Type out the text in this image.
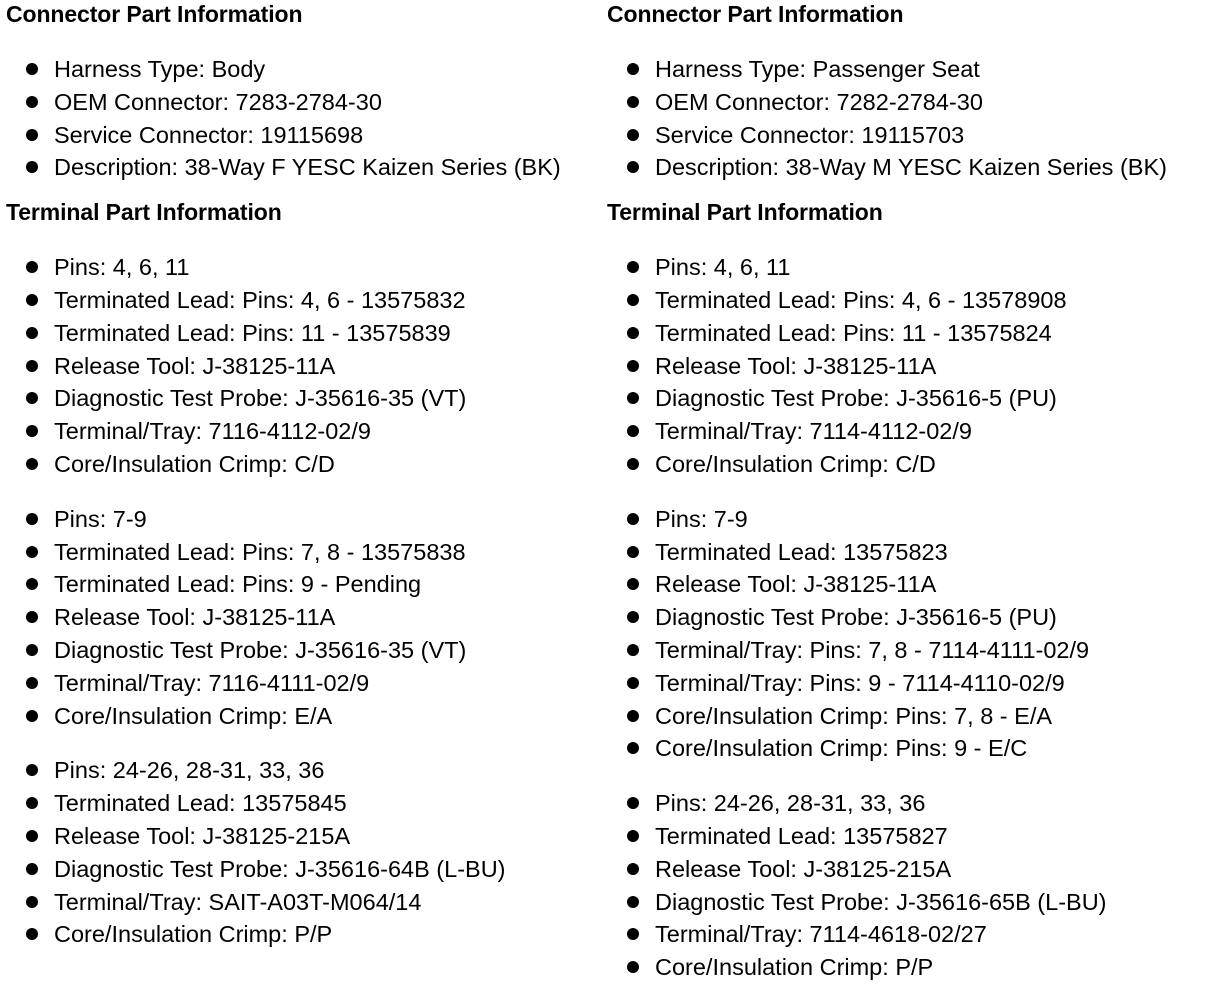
Connector Part Information
Harness Type: Body
OEM Connector: 7283-2784-30
Service Connector: 19115698
Description: 38-Way F YESC Kaizen Series (BK)
Terminal Part Information
Pins: 4, 6, 11
Terminated Lead: Pins: 4, 6 - 13575832
Terminated Lead: Pins: 11 - 13575839
Release Tool: J-38125-11A
Diagnostic Test Probe: J-35616-35 (VT)
Terminal/Tray: 7116-4112-02/9
Core/Insulation Crimp: C/D
Pins: 7-9
Terminated Lead: Pins: 7, 8 - 13575838
Terminated Lead: Pins: 9 - Pending
Release Tool: J-38125-11A
Diagnostic Test Probe: J-35616-35 (VT)
Terminal/Tray: 7116-4111-02/9
Core/Insulation Crimp: E/A
Pins: 24-26, 28-31, 33, 36
Terminated Lead: 13575845
Release Tool: J-38125-215A
Diagnostic Test Probe: J-35616-64B (L-BU)
Terminal/Tray: SAIT-A03T-M064/14
Core/Insulation Crimp: P/P
Connector Part Information
Harness Type: Passenger Seat
OEM Connector: 7282-2784-30
Service Connector: 19115703
Description: 38-Way M YESC Kaizen Series (BK)
Terminal Part Information
Pins: 4, 6, 11
Terminated Lead: Pins: 4, 6 - 13578908
Terminated Lead: Pins: 11 - 13575824
Release Tool: J-38125-11A
Diagnostic Test Probe: J-35616-5 (PU)
Terminal/Tray: 7114-4112-02/9
Core/Insulation Crimp: C/D
Pins: 7-9
Terminated Lead: 13575823
Release Tool: J-38125-11A
Diagnostic Test Probe: J-35616-5 (PU)
Terminal/Tray: Pins: 7, 8 - 7114-4111-02/9
Terminal/Tray: Pins: 9 - 7114-4110-02/9
Core/Insulation Crimp: Pins: 7, 8 - E/A
Core/Insulation Crimp: Pins: 9 - E/C
Pins: 24-26, 28-31, 33, 36
Terminated Lead: 13575827
Release Tool: J-38125-215A
Diagnostic Test Probe: J-35616-65B (L-BU)
Terminal/Tray: 7114-4618-02/27
Core/Insulation Crimp: P/P
